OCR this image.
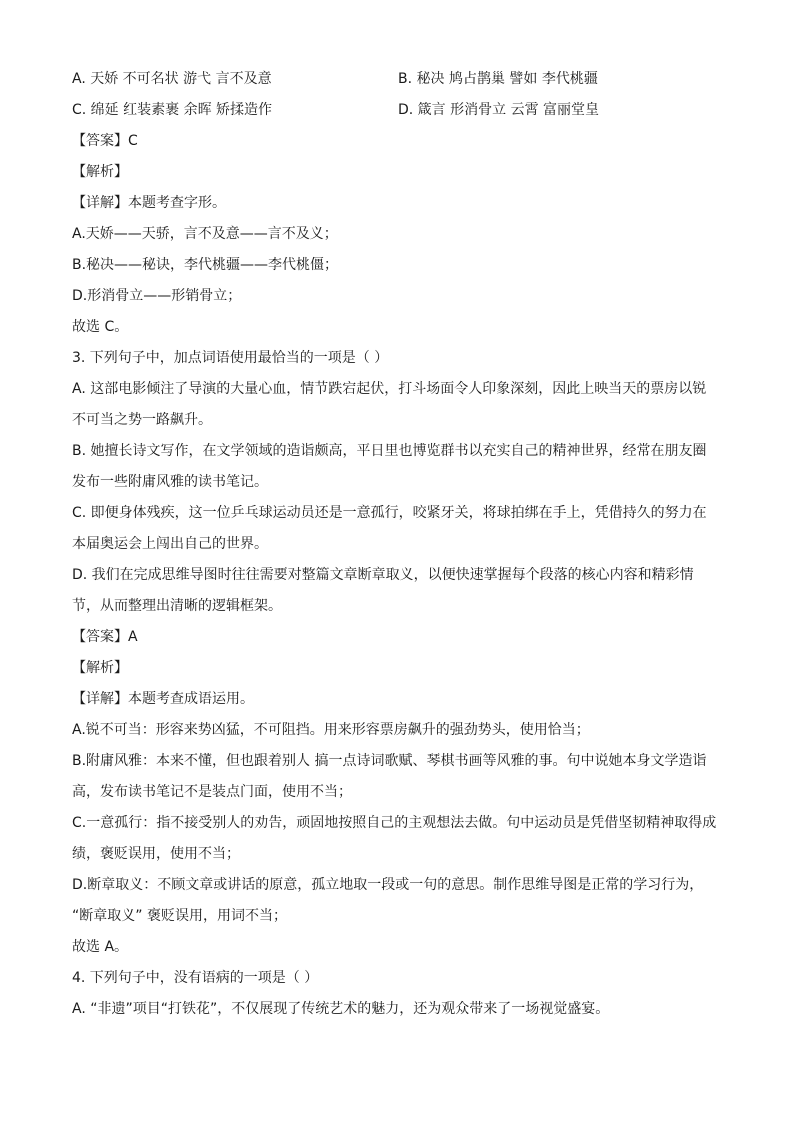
A. 天娇 不可名状 游弋 言不及意	B. 秘决 鸠占鹊巢 譬如 李代桃疆
C. 绵延 红装素裹 余晖 矫揉造作	D. 箴言 形消骨立 云霄 富丽堂皇
【答案】C
【解析】
【详解】本题考查字形。
A.天娇——天骄，言不及意——言不及义；
B.秘决——秘诀，李代桃疆——李代桃僵；
D.形消骨立——形销骨立；
故选 C。
3. 下列句子中，加点词语使用最恰当的一项是（ ）
A. 这部电影倾注了导演的大量心血，情节跌宕起伏，打斗场面令人印象深刻，因此上映当天的票房以锐
不可当之势一路飙升。
B. 她擅长诗文写作，在文学领域的造诣颇高，平日里也博览群书以充实自己的精神世界，经常在朋友圈
发布一些附庸风雅的读书笔记。
C. 即便身体残疾，这一位乒乓球运动员还是一意孤行，咬紧牙关，将球拍绑在手上，凭借持久的努力在
本届奥运会上闯出自己的世界。
D. 我们在完成思维导图时往往需要对整篇文章断章取义，以便快速掌握每个段落的核心内容和精彩情
节，从而整理出清晰的逻辑框架。
【答案】A
【解析】
【详解】本题考查成语运用。
A.锐不可当：形容来势凶猛，不可阻挡。用来形容票房飙升的强劲势头，使用恰当；
B.附庸风雅：本来不懂，但也跟着别人 搞一点诗词歌赋、琴棋书画等风雅的事。句中说她本身文学造诣
高，发布读书笔记不是装点门面，使用不当；
C.一意孤行：指不接受别人的劝告，顽固地按照自己的主观想法去做。句中运动员是凭借坚韧精神取得成
绩，褒贬误用，使用不当；
D.断章取义：不顾文章或讲话的原意，孤立地取一段或一句的意思。制作思维导图是正常的学习行为，
“断章取义” 褒贬误用，用词不当；
故选 A。
4. 下列句子中，没有语病的一项是（ ）
A. “非遗”项目“打铁花”，不仅展现了传统艺术的魅力，还为观众带来了一场视觉盛宴。
